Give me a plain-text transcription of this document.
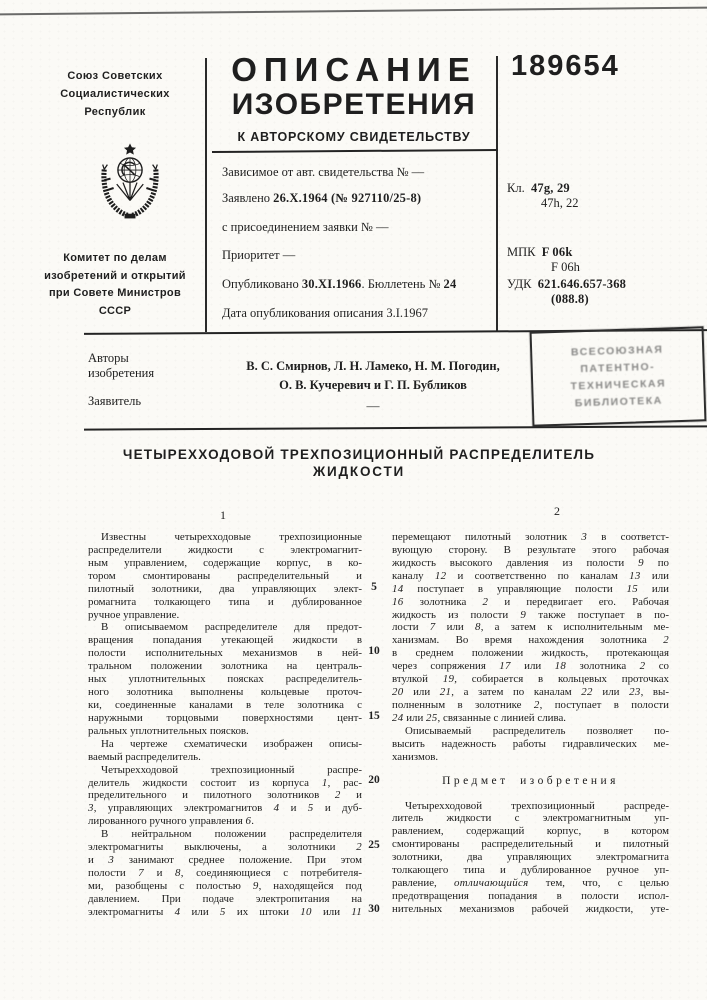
Союз Советских
Социалистических
Республик
Комитет по делам
изобретений и открытий
при Совете Министров
СССР
ОПИСАНИЕ
ИЗОБРЕТЕНИЯ
К АВТОРСКОМУ СВИДЕТЕЛЬСТВУ
Зависимое от авт. свидетельства № —
Заявлено 26.X.1964 (№ 927110/25-8)
с присоединением заявки № —
Приоритет —
Опубликовано 30.XI.1966. Бюллетень № 24
Дата опубликования описания 3.I.1967
189654
Кл. 47g, 29
47h, 22
МПК F 06k
F 06h
УДК 621.646.657-368
(088.8)
Авторы
изобретения	В. С. Смирнов, Л. Н. Ламеко, Н. М. Погодин,
О. В. Кучеревич и Г. П. Бубликов
Заявитель	—
ВСЕСОЮЗНАЯ
ПАТЕНТНО-
ТЕХНИЧЕСКАЯ
БИБЛИОТЕКА
ЧЕТЫРЕХХОДОВОЙ ТРЕХПОЗИЦИОННЫЙ РАСПРЕДЕЛИТЕЛЬ
ЖИДКОСТИ
1	2
Известны четырехходовые трехпозиционные
распределители жидкости с электромагнит-
ным управлением, содержащие корпус, в ко-
тором смонтированы распределительный и
пилотный золотники, два управляющих элект-
ромагнита толкающего типа и дублированное
ручное управление.
В описываемом распределителе для предот-
вращения попадания утекающей жидкости в
полости исполнительных механизмов в ней-
тральном положении золотника на централь-
ных уплотнительных поясках распределитель-
ного золотника выполнены кольцевые проточ-
ки, соединенные каналами в теле золотника с
наружными торцовыми поверхностями цент-
ральных уплотнительных поясков.
На чертеже схематически изображен описы-
ваемый распределитель.
Четырехходовой трехпозиционный распре-
делитель жидкости состоит из корпуса 1, рас-
пределительного и пилотного золотников 2 и
3, управляющих электромагнитов 4 и 5 и дуб-
лированного ручного управления 6.
В нейтральном положении распределителя
электромагниты выключены, а золотники 2
и 3 занимают среднее положение. При этом
полости 7 и 8, соединяющиеся с потребителя-
ми, разобщены с полостью 9, находящейся под
давлением. При подаче электропитания на
электромагниты 4 или 5 их штоки 10 или 11
перемещают пилотный золотник 3 в соответст-
вующую сторону. В результате этого рабочая
жидкость высокого давления из полости 9 по
каналу 12 и соответственно по каналам 13 или
14 поступает в управляющие полости 15 или
16 золотника 2 и передвигает его. Рабочая
жидкость из полости 9 также поступает в по-
лости 7 или 8, а затем к исполнительным ме-
ханизмам. Во время нахождения золотника 2
в среднем положении жидкость, протекающая
через сопряжения 17 или 18 золотника 2 со
втулкой 19, собирается в кольцевых проточках
20 или 21, а затем по каналам 22 или 23, вы-
полненным в золотнике 2, поступает в полости
24 или 25, связанные с линией слива.
Описываемый распределитель позволяет по-
высить надежность работы гидравлических ме-
ханизмов.
Предмет изобретения
Четырехходовой трехпозиционный распреде-
литель жидкости с электромагнитным уп-
равлением, содержащий корпус, в котором
смонтированы распределительный и пилотный
золотники, два управляющих электромагнита
толкающего типа и дублированное ручное уп-
равление, отличающийся тем, что, с целью
предотвращения попадания в полости испол-
нительных механизмов рабочей жидкости, уте-
5
10
15
20
25
30
